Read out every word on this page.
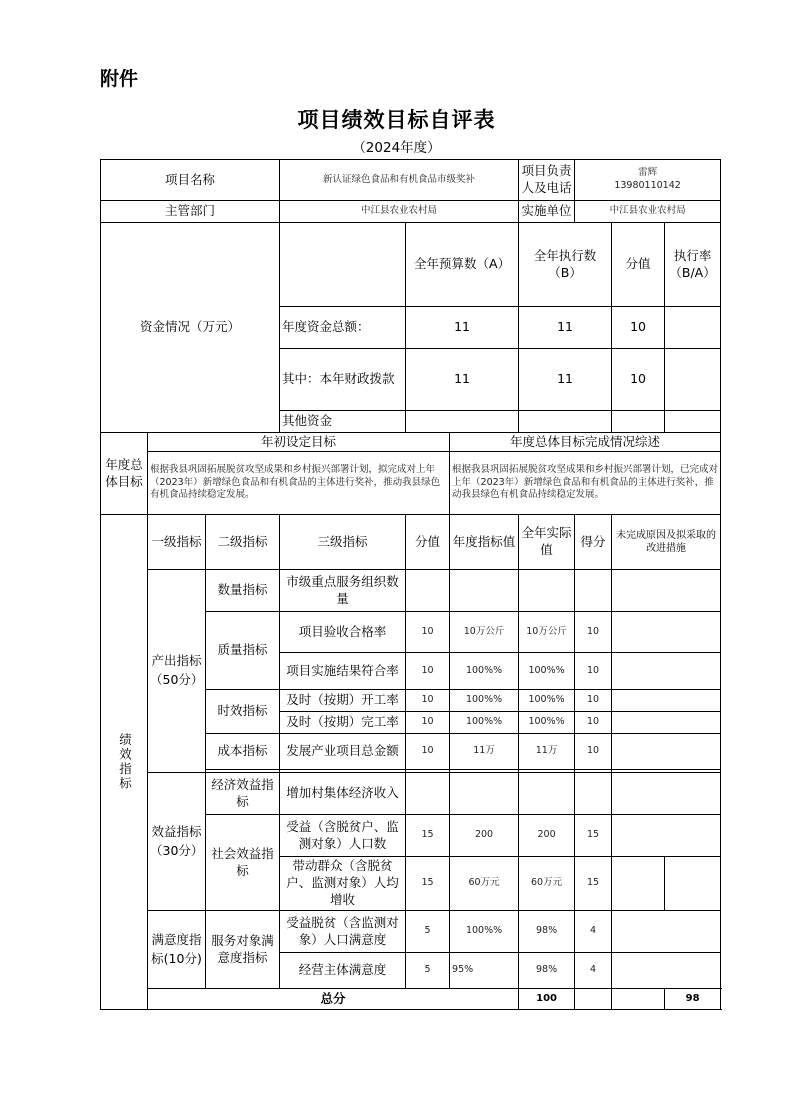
附件
项目绩效目标自评表
（2024年度）
项目名称			新认证绿色食品和有机食品市级奖补			项目负责人及电话	雷辉
13980110142			

主管部门			中江县农业农村局			实施单位	中江县农业农村局			
资金情况（万元）				全年预算数（A）		全年执行数（B）		分值	执行率（B/A）	
			年度资金总额：	11		11		10		
			其中：本年财政拨款	11		11		10		
			其他资金							
年度总体目标	年初设定目标				年度总体目标完成情况综述					
	根据我县巩固拓展脱贫攻坚成果和乡村振兴部署计划，拟完成对上年（2023年）新增绿色食品和有机食品的主体进行奖补，推动我县绿色有机食品持续稳定发展。				根据我县巩固拓展脱贫攻坚成果和乡村振兴部署计划，已完成对上年（2023年）新增绿色食品和有机食品的主体进行奖补，推动我县绿色有机食品持续稳定发展。					

绩效指标	一级指标	二级指标	三级指标	分值	年度指标值	全年实际值	得分	未完成原因及拟采取的改进措施		
	产出指标（50分）	数量指标	市级重点服务组织数量							
		质量指标	项目验收合格率	10	10万公斤	10万公斤	10			
			项目实施结果符合率	10	100%%	100%%	10			
		时效指标	及时（按期）开工率	10	100%%	100%%	10			
			及时（按期）完工率	10	100%%	100%%	10			
		成本指标	发展产业项目总金额	10	11万	11万	10			

	效益指标（30分）	经济效益指标	增加村集体经济收入							
		社会效益指标	受益（含脱贫户、监测对象）人口数	15	200	200	15			
			带动群众（含脱贫户、监测对象）人均增收	15	60万元	60万元	15			
	满意度指标(10分)	服务对象满意度指标	受益脱贫（含监测对象）人口满意度	5	100%%	98%	4			
			经营主体满意度	5	95%	98%	4			
	总分					100			98	
